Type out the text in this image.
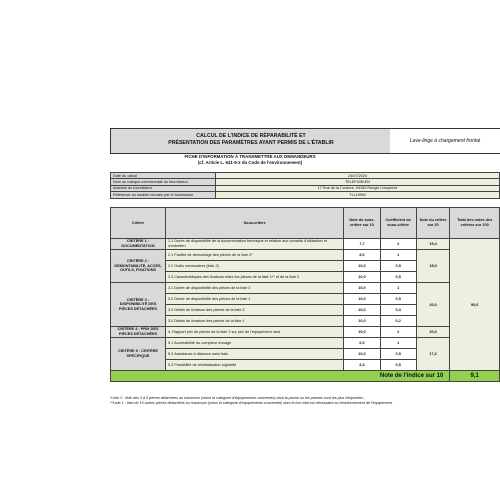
CALCUL DE L'INDICE DE RÉPARABILITÉ ET
PRÉSENTATION DES PARAMÈTRES AYANT PERMIS DE L'ÉTABLIR	Lave-linge à chargement frontal
FICHE D'INFORMATION À TRANSMETTRE AUX DEMANDEURS
(cf. Article L. 541-9-2 du Code de l'environnement)
Date du calcul	24/07/2024
Nom ou marque commerciale du fournisseur	TELEFUNKEN
Adresse du fournisseur	17 Rue de la Couture, 94150 Rungis Complexe
Référence du modèle donnée par le fournisseur	TLL109W
Critère	Sous-critère	Note du sous-critère sur 10	Coefficient du sous-critère	Note du critère sur 20	Total des notes des critères sur 100
CRITÈRE 1 : DOCUMENTATION	1.1 Durée de disponibilité de la documentation technique et relative aux conseils d'utilisation et d'entretien	7,7	2	15,4	90,6
CRITÈRE 2 : DÉMONTABILITÉ, ACCÈS, OUTILS, FIXATIONS	2.1 Facilité de démontage des pièces de la liste 2*	8,0	1	18,0	
	2.2 Outils nécessaires (liste 2)	10,0	0,5		
	2.3 Caractéristiques des fixations entre les pièces de la liste 1** et de la liste 2	10,0	0,5		
CRITÈRE 3 : DISPONIBILITÉ DES PIÈCES DÉTACHÉES	3.1 Durée de disponibilité des pièces de la liste 2	10,0	1	20,0	
	3.2 Durée de disponibilité des pièces de la liste 1	10,0	0,5		
	3.3 Délais de livraison des pièces de la liste 2	10,0	0,3		
	3.4 Délais de livraison des pièces de la liste 1	10,0	0,2		
CRITÈRE 4 : PRIX DES PIÈCES DÉTACHÉES	4. Rapport prix de pièces de la liste 2 sur prix de l'équipement neuf	10,0	2	20,0	
CRITÈRE 5 : CRITÈRE SPÉCIFIQUE	5.1 Accessibilité du compteur d'usage	6,0	1	17,2	
	5.2 Assistance à distance sans frais	10,0	0,5		
	5.3 Possibilité de réinitialisation logicielle	8,3	0,5		
Note de l'indice sur 10					9,1
*Liste 2 : liste des 3 à 5 pièces détachées au maximum (selon la catégorie d'équipements concernée) dont la panne ou les pannes sont les plus fréquentes ;
**Liste 1 : liste de 10 autres pièces détachées au maximum (selon la catégorie d'équipements concernée) dont le bon état est nécessaire au fonctionnement de l'équipement.
